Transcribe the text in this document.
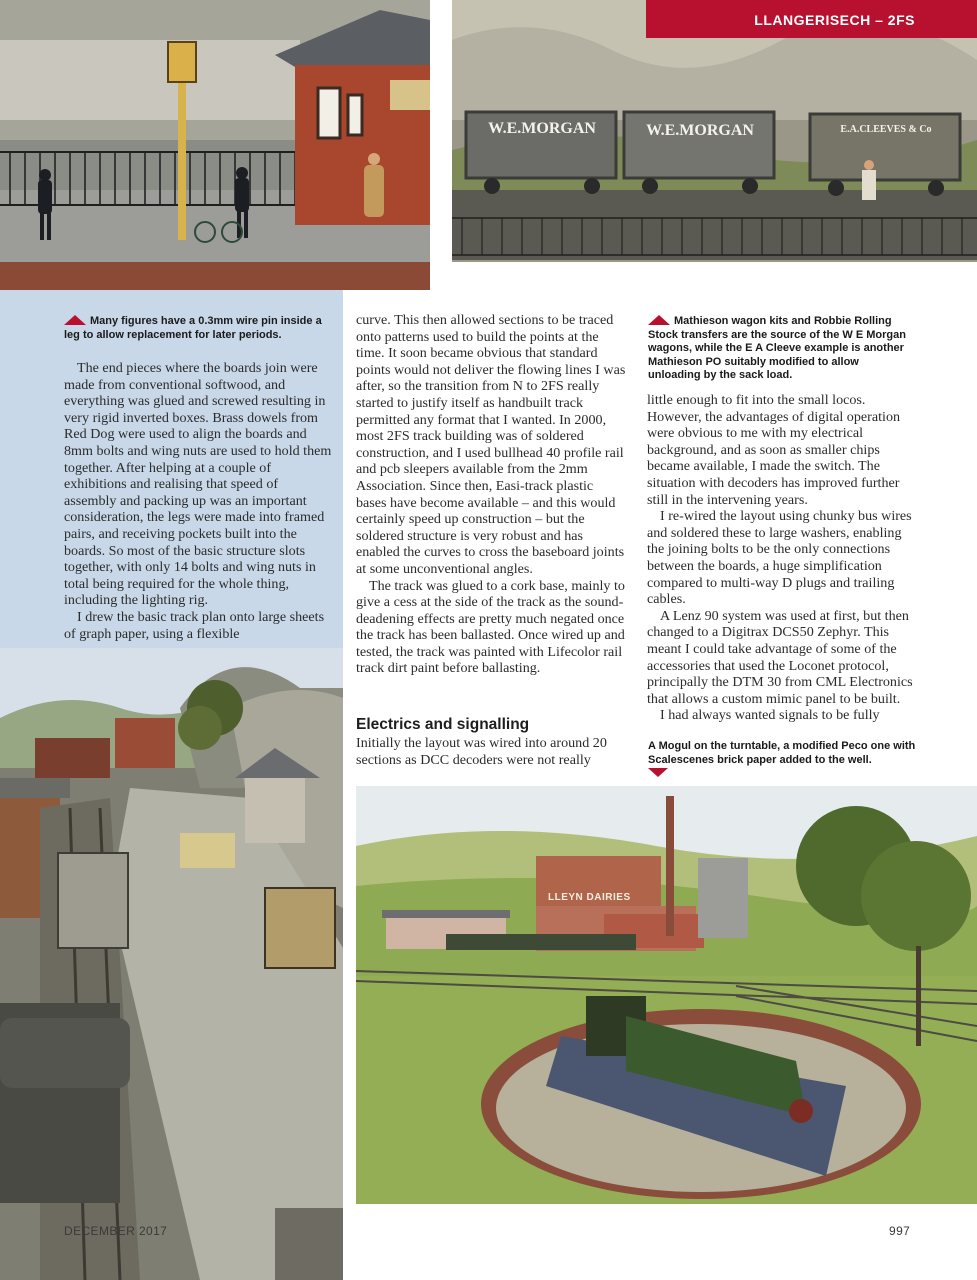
W.E.MORGAN	W.E.MORGAN	E.A.CLEEVES & Co
LLANGERISECH – 2FS
Many figures have a 0.3mm wire pin inside a leg to allow replacement for later periods.

The end pieces where the boards join were made from conventional softwood, and everything was glued and screwed resulting in very rigid inverted boxes. Brass dowels from Red Dog were used to align the boards and 8mm bolts and wing nuts are used to hold them together. After helping at a couple of exhibitions and realising that speed of assembly and packing up was an important consideration, the legs were made into framed pairs, and receiving pockets built into the boards. So most of the basic structure slots together, with only 14 bolts and wing nuts in total being required for the whole thing, including the lighting rig.

I drew the basic track plan onto large sheets of graph paper, using a flexible

curve. This then allowed sections to be traced onto patterns used to build the points at the time. It soon became obvious that standard points would not deliver the flowing lines I was after, so the transition from N to 2FS really started to justify itself as handbuilt track permitted any format that I wanted. In 2000, most 2FS track building was of soldered construction, and I used bullhead 40 profile rail and pcb sleepers available from the 2mm Association. Since then, Easi-track plastic bases have become available – and this would certainly speed up construction – but the soldered structure is very robust and has enabled the curves to cross the baseboard joints at some unconventional angles.

The track was glued to a cork base, mainly to give a cess at the side of the track as the sound-deadening effects are pretty much negated once the track has been ballasted. Once wired up and tested, the track was painted with Lifecolor rail track dirt paint before ballasting.

Electrics and signalling

Initially the layout was wired into around 20 sections as DCC decoders were not really

Mathieson wagon kits and Robbie Rolling Stock transfers are the source of the W E Morgan wagons, while the E A Cleeve example is another Mathieson PO suitably modified to allow unloading by the sack load.

little enough to fit into the small locos. However, the advantages of digital operation were obvious to me with my electrical background, and as soon as smaller chips became available, I made the switch. The situation with decoders has improved further still in the intervening years.

I re-wired the layout using chunky bus wires and soldered these to large washers, enabling the joining bolts to be the only connections between the boards, a huge simplification compared to multi-way D plugs and trailing cables.

A Lenz 90 system was used at first, but then changed to a Digitrax DCS50 Zephyr. This meant I could take advantage of some of the accessories that used the Loconet protocol, principally the DTM 30 from CML Electronics that allows a custom mimic panel to be built.

I had always wanted signals to be fully

A Mogul on the turntable, a modified Peco one with Scalescenes brick paper added to the well.
LLEYN DAIRIES
DECEMBER 2017	997
